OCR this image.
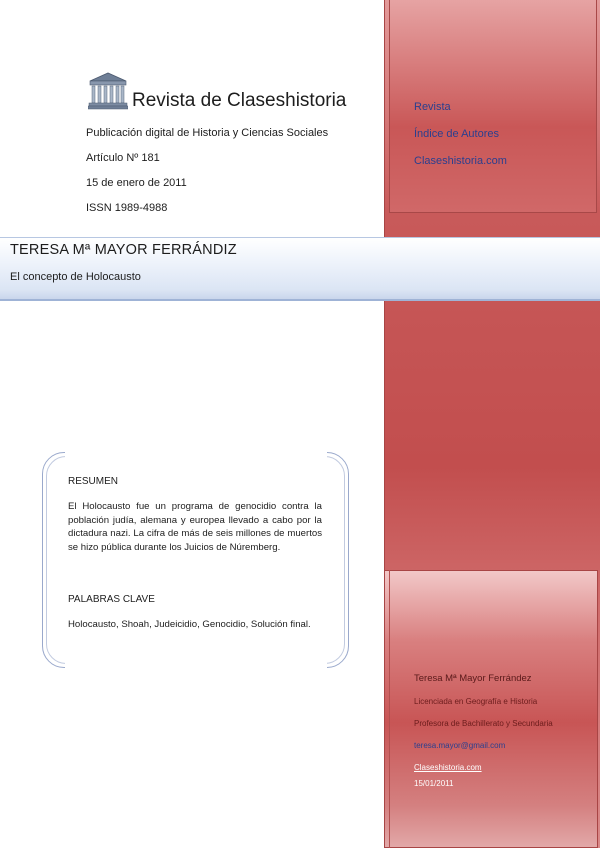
Revista
Índice de Autores
Claseshistoria.com
Teresa Mª Mayor Ferrández
Licenciada en Geografía e Historia
Profesora de Bachillerato y Secundaria
teresa.mayor@gmail.com
Claseshistoria.com
15/01/2011
Revista de Claseshistoria
Publicación digital de Historia y Ciencias Sociales
Artículo Nº 181
15 de enero de 2011
ISSN 1989-4988
TERESA Mª MAYOR FERRÁNDIZ
El concepto de Holocausto
RESUMEN
El Holocausto fue un programa de genocidio contra la población judía, alemana y europea llevado a cabo por la dictadura nazi. La cifra de más de seis millones de muertos se hizo pública durante los Juicios de Núremberg.
PALABRAS CLAVE
Holocausto, Shoah, Judeicidio, Genocidio, Solución final.
